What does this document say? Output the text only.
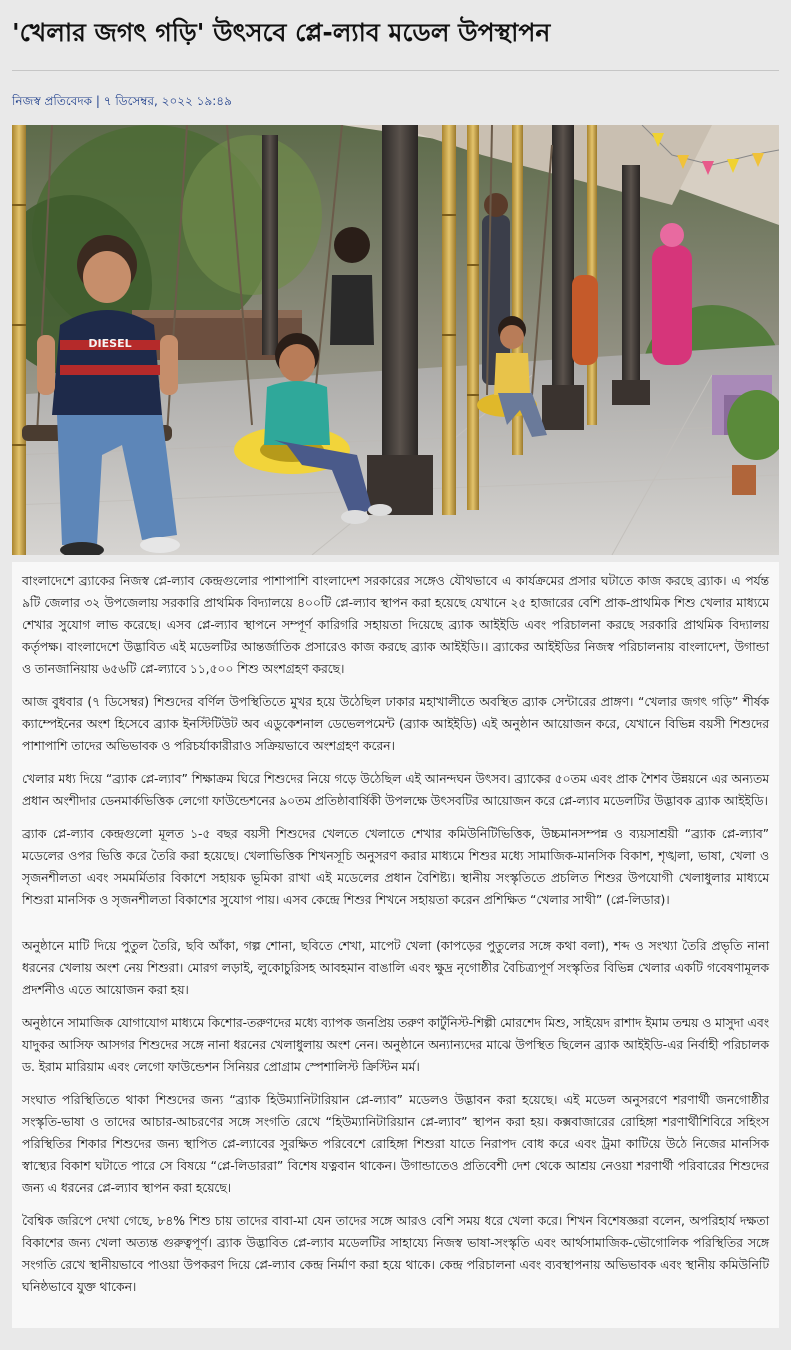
'খেলার জগৎ গড়ি' উৎসবে প্লে-ল্যাব মডেল উপস্থাপন
নিজস্ব প্রতিবেদক | ৭ ডিসেম্বর, ২০২২ ১৯:৪৯
DIESEL

বাংলাদেশে ব্র্যাকের নিজস্ব প্লে-ল্যাব কেন্দ্রগুলোর পাশাপাশি বাংলাদেশ সরকারের সঙ্গেও যৌথভাবে এ কার্যক্রমের প্রসার ঘটাতে কাজ করছে ব্র্যাক। এ পর্যন্ত ৯টি জেলার ৩২ উপজেলায় সরকারি প্রাথমিক বিদ্যালয়ে ৪০০টি প্লে-ল্যাব স্থাপন করা হয়েছে যেখানে ২৫ হাজারের বেশি প্রাক-প্রাথমিক শিশু খেলার মাধ্যমে শেখার সুযোগ লাভ করেছে। এসব প্লে-ল্যাব স্থাপনে সম্পূর্ণ কারিগরি সহায়তা দিয়েছে ব্র্যাক আইইডি এবং পরিচালনা করছে সরকারি প্রাথমিক বিদ্যালয় কর্তৃপক্ষ। বাংলাদেশে উদ্ভাবিত এই মডেলটির আন্তর্জাতিক প্রসারেও কাজ করছে ব্র্যাক আইইডি।। ব্র্যাকের আইইডির নিজস্ব পরিচালনায় বাংলাদেশ, উগান্ডা ও তানজানিয়ায় ৬৫৬টি প্লে-ল্যাবে ১১,৫০০ শিশু অংশগ্রহণ করছে।

আজ বুধবার (৭ ডিসেম্বর) শিশুদের বর্ণিল উপস্থিতিতে মুখর হয়ে উঠেছিল ঢাকার মহাখালীতে অবস্থিত ব্র্যাক সেন্টারের প্রাঙ্গণ। “খেলার জগৎ গড়ি” শীর্ষক ক্যাম্পেইনের অংশ হিসেবে ব্র্যাক ইনস্টিটিউট অব এডুকেশনাল ডেভেলপমেন্ট (ব্র্যাক আইইডি) এই অনুষ্ঠান আয়োজন করে, যেখানে বিভিন্ন বয়সী শিশুদের পাশাপাশি তাদের অভিভাবক ও পরিচর্যাকারীরাও সক্রিয়ভাবে অংশগ্রহণ করেন।

খেলার মধ্য দিয়ে “ব্র্যাক প্লে-ল্যাব” শিক্ষাক্রম ঘিরে শিশুদের নিয়ে গড়ে উঠেছিল এই আনন্দঘন উৎসব। ব্র্যাকের ৫০তম এবং প্রাক শৈশব উন্নয়নে এর অন্যতম প্রধান অংশীদার ডেনমার্কভিত্তিক লেগো ফাউন্ডেশনের ৯০তম প্রতিষ্ঠাবার্ষিকী উপলক্ষে উৎসবটির আয়োজন করে প্লে-ল্যাব মডেলটির উদ্ভাবক ব্র্যাক আইইডি।

ব্র্যাক প্লে-ল্যাব কেন্দ্রগুলো মূলত ১-৫ বছর বয়সী শিশুদের খেলতে খেলাতে শেখার কমিউনিটিভিত্তিক, উচ্চমানসম্পন্ন ও ব্যয়সাশ্রয়ী “ব্র্যাক প্লে-ল্যাব” মডেলের ওপর ভিত্তি করে তৈরি করা হয়েছে। খেলাভিত্তিক শিখনসূচি অনুসরণ করার মাধ্যমে শিশুর মধ্যে সামাজিক-মানসিক বিকাশ, শৃঙ্খলা, ভাষা, খেলা ও সৃজনশীলতা এবং সমমর্মিতার বিকাশে সহায়ক ভূমিকা রাখা এই মডেলের প্রধান বৈশিষ্ট্য। স্থানীয় সংস্কৃতিতে প্রচলিত শিশুর উপযোগী খেলাধুলার মাধ্যমে শিশুরা মানসিক ও সৃজনশীলতা বিকাশের সুযোগ পায়। এসব কেন্দ্রে শিশুর শিখনে সহায়তা করেন প্রশিক্ষিত “খেলার সাথী” (প্লে-লিডার)।

অনুষ্ঠানে মাটি দিয়ে পুতুল তৈরি, ছবি আঁকা, গল্প শোনা, ছবিতে শেখা, মাপেট খেলা (কাপড়ের পুতুলের সঙ্গে কথা বলা), শব্দ ও সংখ্যা তৈরি প্রভৃতি নানা ধরনের খেলায় অংশ নেয় শিশুরা। মোরগ লড়াই, লুকোচুরিসহ আবহমান বাঙালি এবং ক্ষুদ্র নৃগোষ্ঠীর বৈচিত্র্যপূর্ণ সংস্কৃতির বিভিন্ন খেলার একটি গবেষণামূলক প্রদর্শনীও এতে আয়োজন করা হয়।

অনুষ্ঠানে সামাজিক যোগাযোগ মাধ্যমে কিশোর-তরুণদের মধ্যে ব্যাপক জনপ্রিয় তরুণ কার্টুনিস্ট-শিল্পী মোরশেদ মিশু, সাইয়েদ রাশাদ ইমাম তন্ময় ও মাসুদা এবং যাদুকর আসিফ আসগর শিশুদের সঙ্গে নানা ধরনের খেলাধুলায় অংশ নেন। অনুষ্ঠানে অন্যান্যদের মাঝে উপস্থিত ছিলেন ব্র্যাক আইইডি-এর নির্বাহী পরিচালক ড. ইরাম মারিয়াম এবং লেগো ফাউন্ডেশন সিনিয়র প্রোগ্রাম স্পেশালিস্ট ক্রিস্টিন মর্ম।

সংঘাত পরিস্থিতিতে থাকা শিশুদের জন্য “ব্র্যাক হিউম্যানিটারিয়ান প্লে-ল্যাব” মডেলও উদ্ভাবন করা হয়েছে। এই মডেল অনুসরণে শরণার্থী জনগোষ্ঠীর সংস্কৃতি-ভাষা ও তাদের আচার-আচরণের সঙ্গে সংগতি রেখে “হিউম্যানিটারিয়ান প্লে-ল্যাব” স্থাপন করা হয়। কক্সবাজারের রোহিঙ্গা শরণার্থীশিবিরে সহিংস পরিস্থিতির শিকার শিশুদের জন্য স্থাপিত প্লে-ল্যাবের সুরক্ষিত পরিবেশে রোহিঙ্গা শিশুরা যাতে নিরাপদ বোধ করে এবং ট্রমা কাটিয়ে উঠে নিজের মানসিক স্বাস্থ্যের বিকাশ ঘটাতে পারে সে বিষয়ে “প্লে-লিডাররা” বিশেষ যত্নবান থাকেন। উগান্ডাতেও প্রতিবেশী দেশ থেকে আশ্রয় নেওয়া শরণার্থী পরিবারের শিশুদের জন্য এ ধরনের প্লে-ল্যাব স্থাপন করা হয়েছে।

বৈশ্বিক জরিপে দেখা গেছে, ৮৪% শিশু চায় তাদের বাবা-মা যেন তাদের সঙ্গে আরও বেশি সময় ধরে খেলা করে। শিখন বিশেষজ্ঞরা বলেন, অপরিহার্য দক্ষতা বিকাশের জন্য খেলা অত্যন্ত গুরুত্বপূর্ণ। ব্র্যাক উদ্ভাবিত প্লে-ল্যাব মডেলটির সাহায্যে নিজস্ব ভাষা-সংস্কৃতি এবং আর্থসামাজিক-ভৌগোলিক পরিস্থিতির সঙ্গে সংগতি রেখে স্থানীয়ভাবে পাওয়া উপকরণ দিয়ে প্লে-ল্যাব কেন্দ্র নির্মাণ করা হয়ে থাকে। কেন্দ্র পরিচালনা এবং ব্যবস্থাপনায় অভিভাবক এবং স্থানীয় কমিউনিটি ঘনিষ্ঠভাবে যুক্ত থাকেন।
